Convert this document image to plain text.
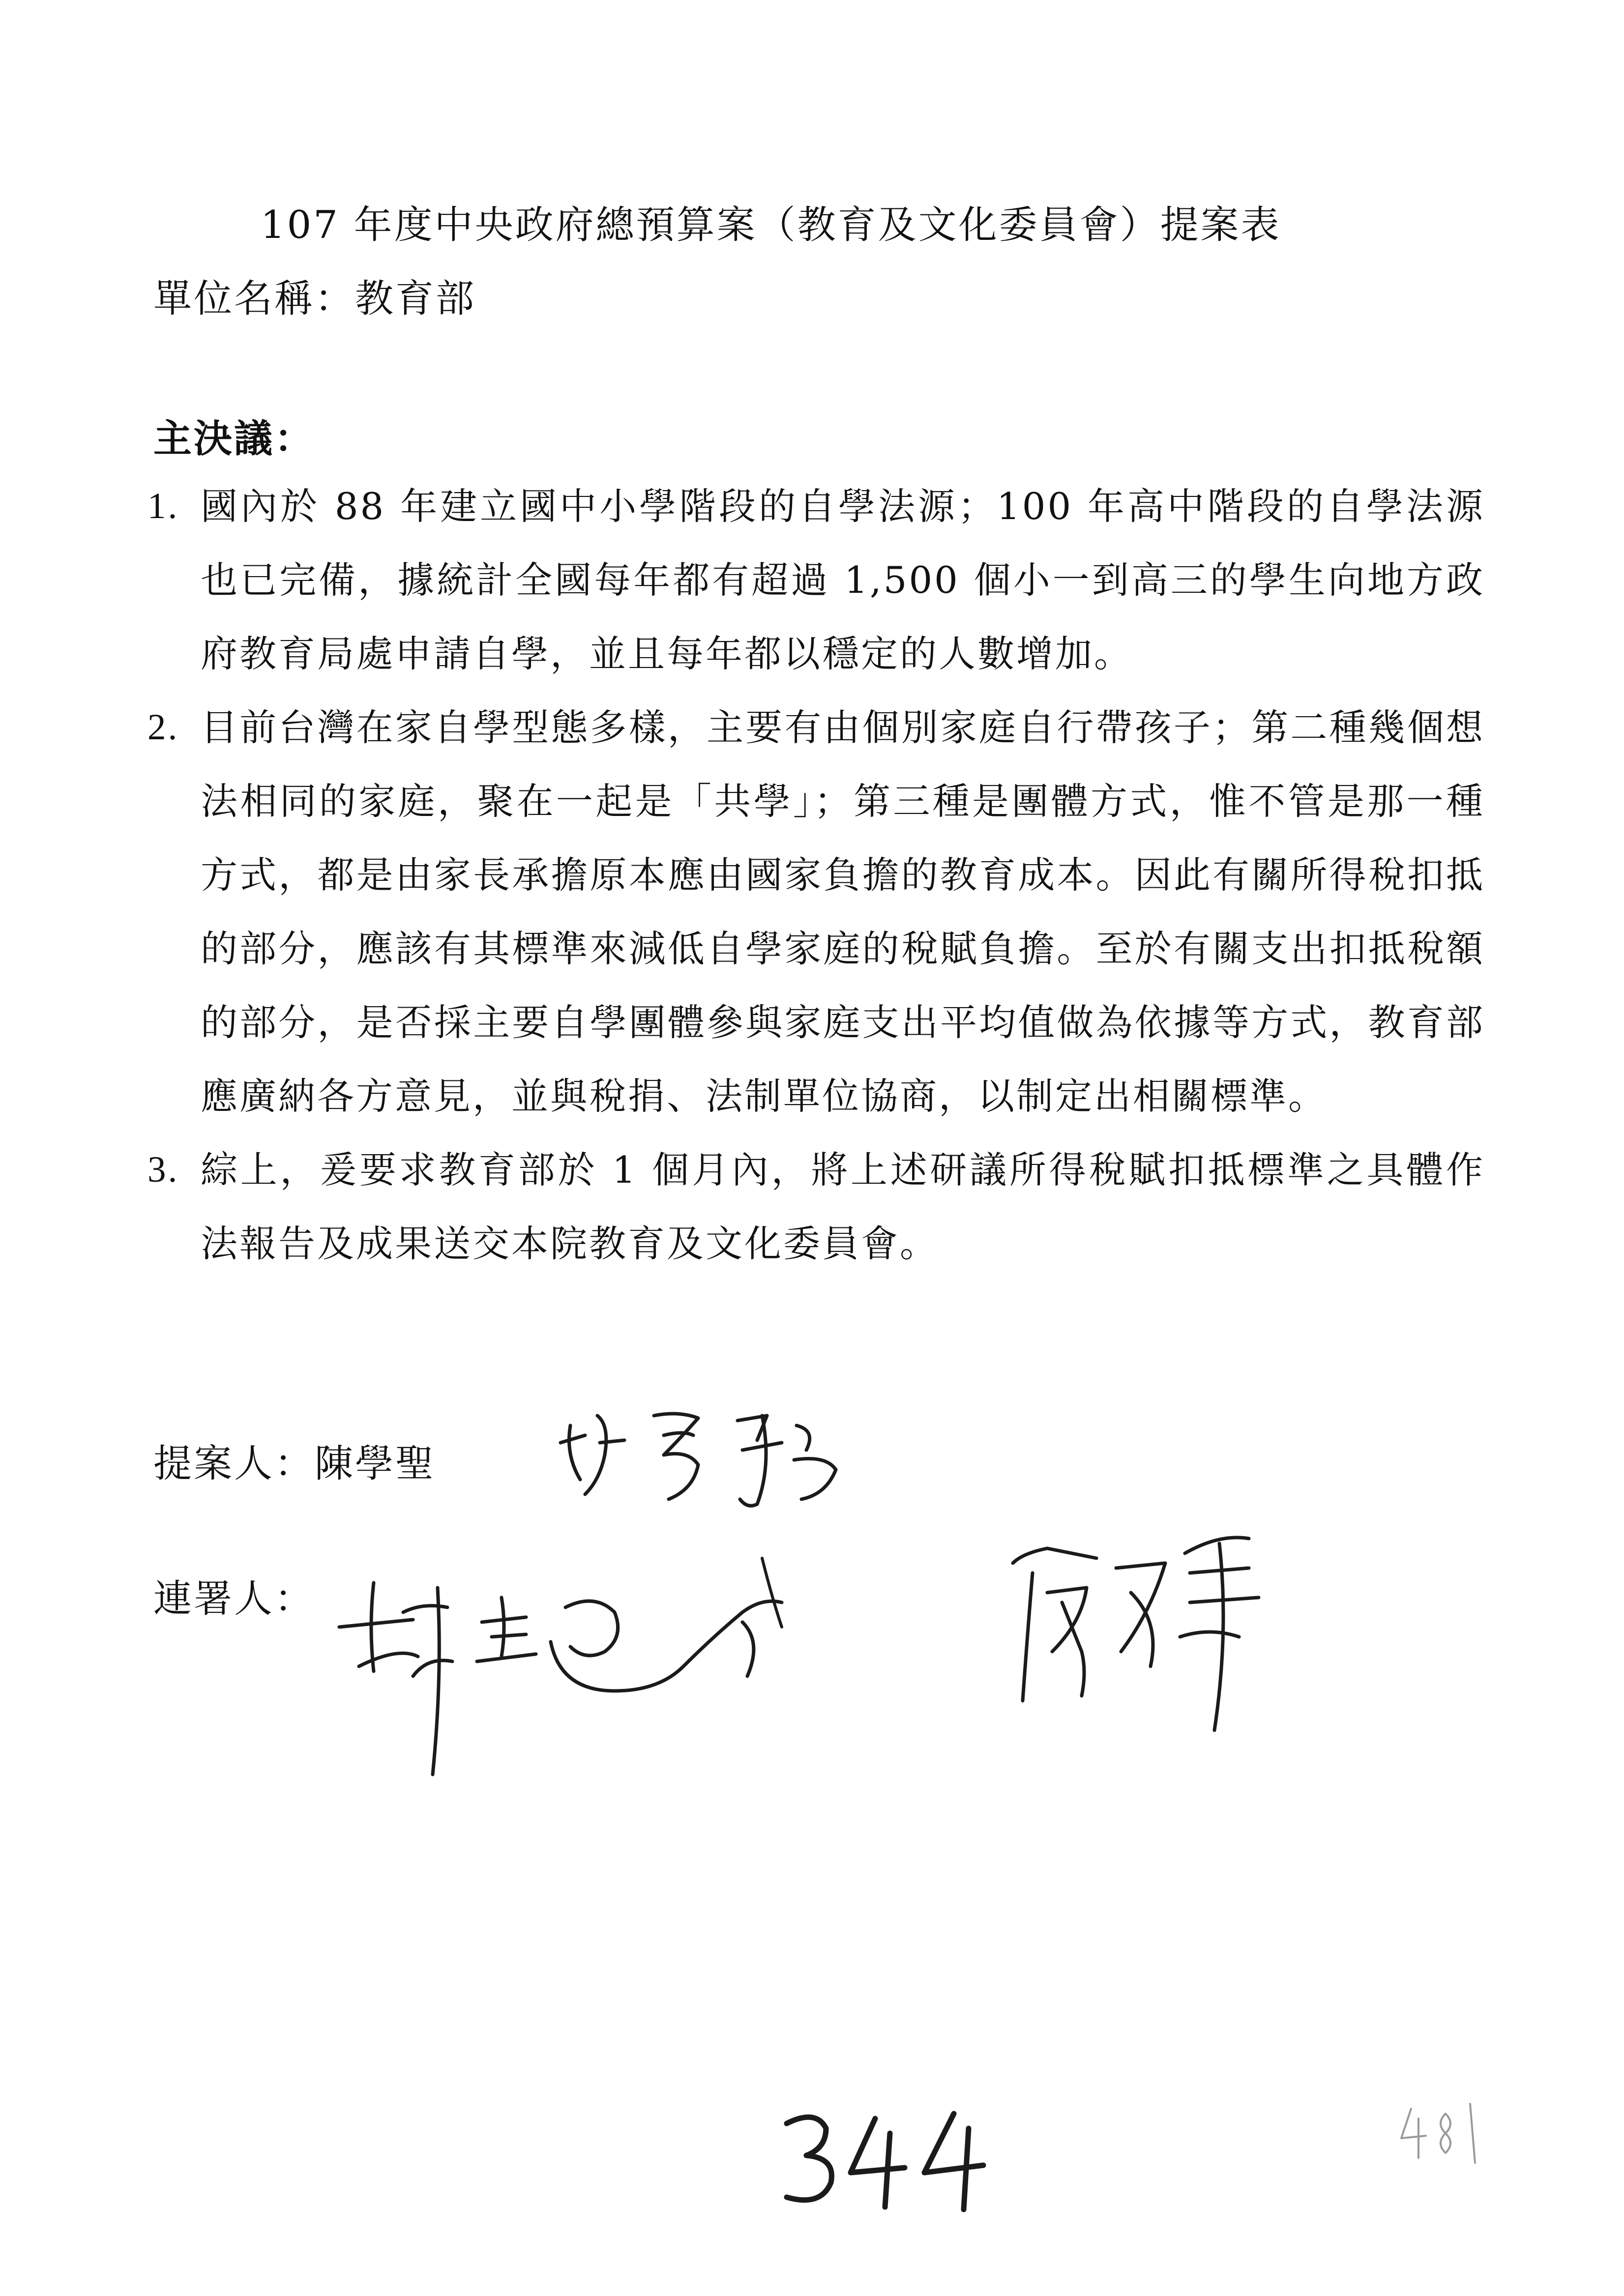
107 年度中央政府總預算案（教育及文化委員會）提案表
單位名稱：教育部
主決議：
1. 國內於 88 年建立國中小學階段的自學法源；100 年高中階段的自學法源也已完備，據統計全國每年都有超過 1,500 個小一到高三的學生向地方政府教育局處申請自學，並且每年都以穩定的人數增加。
2. 目前台灣在家自學型態多樣，主要有由個別家庭自行帶孩子；第二種幾個想法相同的家庭，聚在一起是「共學」；第三種是團體方式，惟不管是那一種方式，都是由家長承擔原本應由國家負擔的教育成本。因此有關所得稅扣抵的部分，應該有其標準來減低自學家庭的稅賦負擔。至於有關支出扣抵稅額的部分，是否採主要自學團體參與家庭支出平均值做為依據等方式，教育部應廣納各方意見，並與稅捐、法制單位協商，以制定出相關標準。
3. 綜上，爰要求教育部於 1 個月內，將上述研議所得稅賦扣抵標準之具體作法報告及成果送交本院教育及文化委員會。
提案人：陳學聖
連署人：
